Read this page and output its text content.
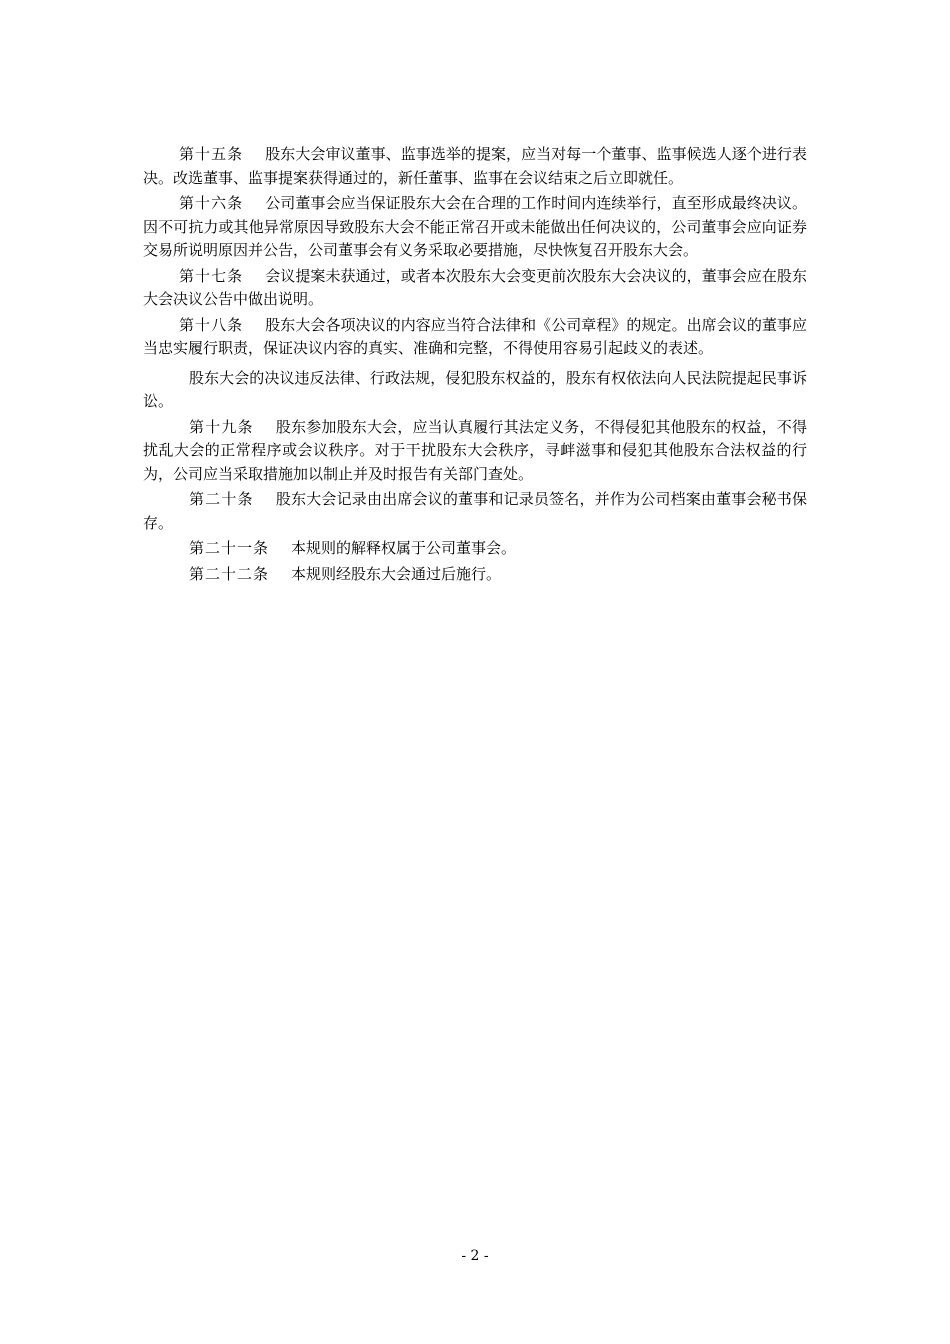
第十五条 股东大会审议董事、监事选举的提案，应当对每一个董事、监事候选人逐个进行表决。改选董事、监事提案获得通过的，新任董事、监事在会议结束之后立即就任。

第十六条 公司董事会应当保证股东大会在合理的工作时间内连续举行，直至形成最终决议。因不可抗力或其他异常原因导致股东大会不能正常召开或未能做出任何决议的，公司董事会应向证券交易所说明原因并公告，公司董事会有义务采取必要措施，尽快恢复召开股东大会。

第十七条 会议提案未获通过，或者本次股东大会变更前次股东大会决议的，董事会应在股东大会决议公告中做出说明。

第十八条 股东大会各项决议的内容应当符合法律和《公司章程》的规定。出席会议的董事应当忠实履行职责，保证决议内容的真实、准确和完整，不得使用容易引起歧义的表述。

股东大会的决议违反法律、行政法规，侵犯股东权益的，股东有权依法向人民法院提起民事诉讼。

第十九条 股东参加股东大会，应当认真履行其法定义务，不得侵犯其他股东的权益，不得扰乱大会的正常程序或会议秩序。对于干扰股东大会秩序，寻衅滋事和侵犯其他股东合法权益的行为，公司应当采取措施加以制止并及时报告有关部门查处。

第二十条 股东大会记录由出席会议的董事和记录员签名，并作为公司档案由董事会秘书保存。

第二十一条 本规则的解释权属于公司董事会。

第二十二条 本规则经股东大会通过后施行。

- 2 -
